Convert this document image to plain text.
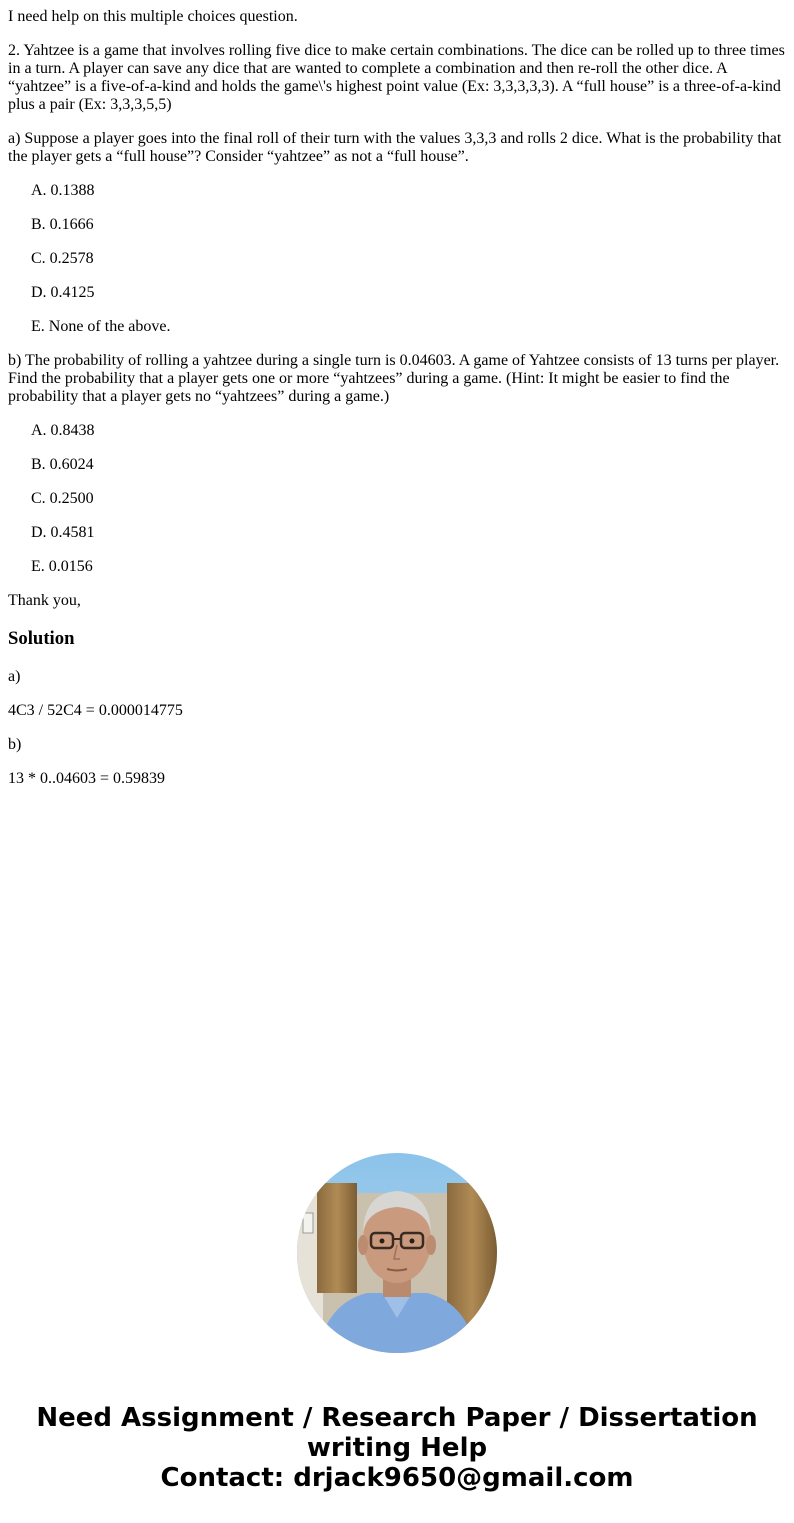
I need help on this multiple choices question.

2. Yahtzee is a game that involves rolling five dice to make certain combinations. The dice can be rolled up to three times in a turn. A player can save any dice that are wanted to complete a combination and then re-roll the other dice. A “yahtzee” is a five-of-a-kind and holds the game\'s highest point value (Ex: 3,3,3,3,3). A “full house” is a three-of-a-kind plus a pair (Ex: 3,3,3,5,5)

a) Suppose a player goes into the final roll of their turn with the values 3,3,3 and rolls 2 dice. What is the probability that the player gets a “full house”? Consider “yahtzee” as not a “full house”.

A. 0.1388
B. 0.1666
C. 0.2578
D. 0.4125
E. None of the above.

b) The probability of rolling a yahtzee during a single turn is 0.04603. A game of Yahtzee consists of 13 turns per player. Find the probability that a player gets one or more “yahtzees” during a game. (Hint: It might be easier to find the probability that a player gets no “yahtzees” during a game.)

A. 0.8438
B. 0.6024
C. 0.2500
D. 0.4581
E. 0.0156

Thank you,

Solution

a)

4C3 / 52C4 = 0.000014775

b)

13 * 0..04603 = 0.59839

Need Assignment / Research Paper / Dissertation
writing Help
Contact: drjack9650@gmail.com
